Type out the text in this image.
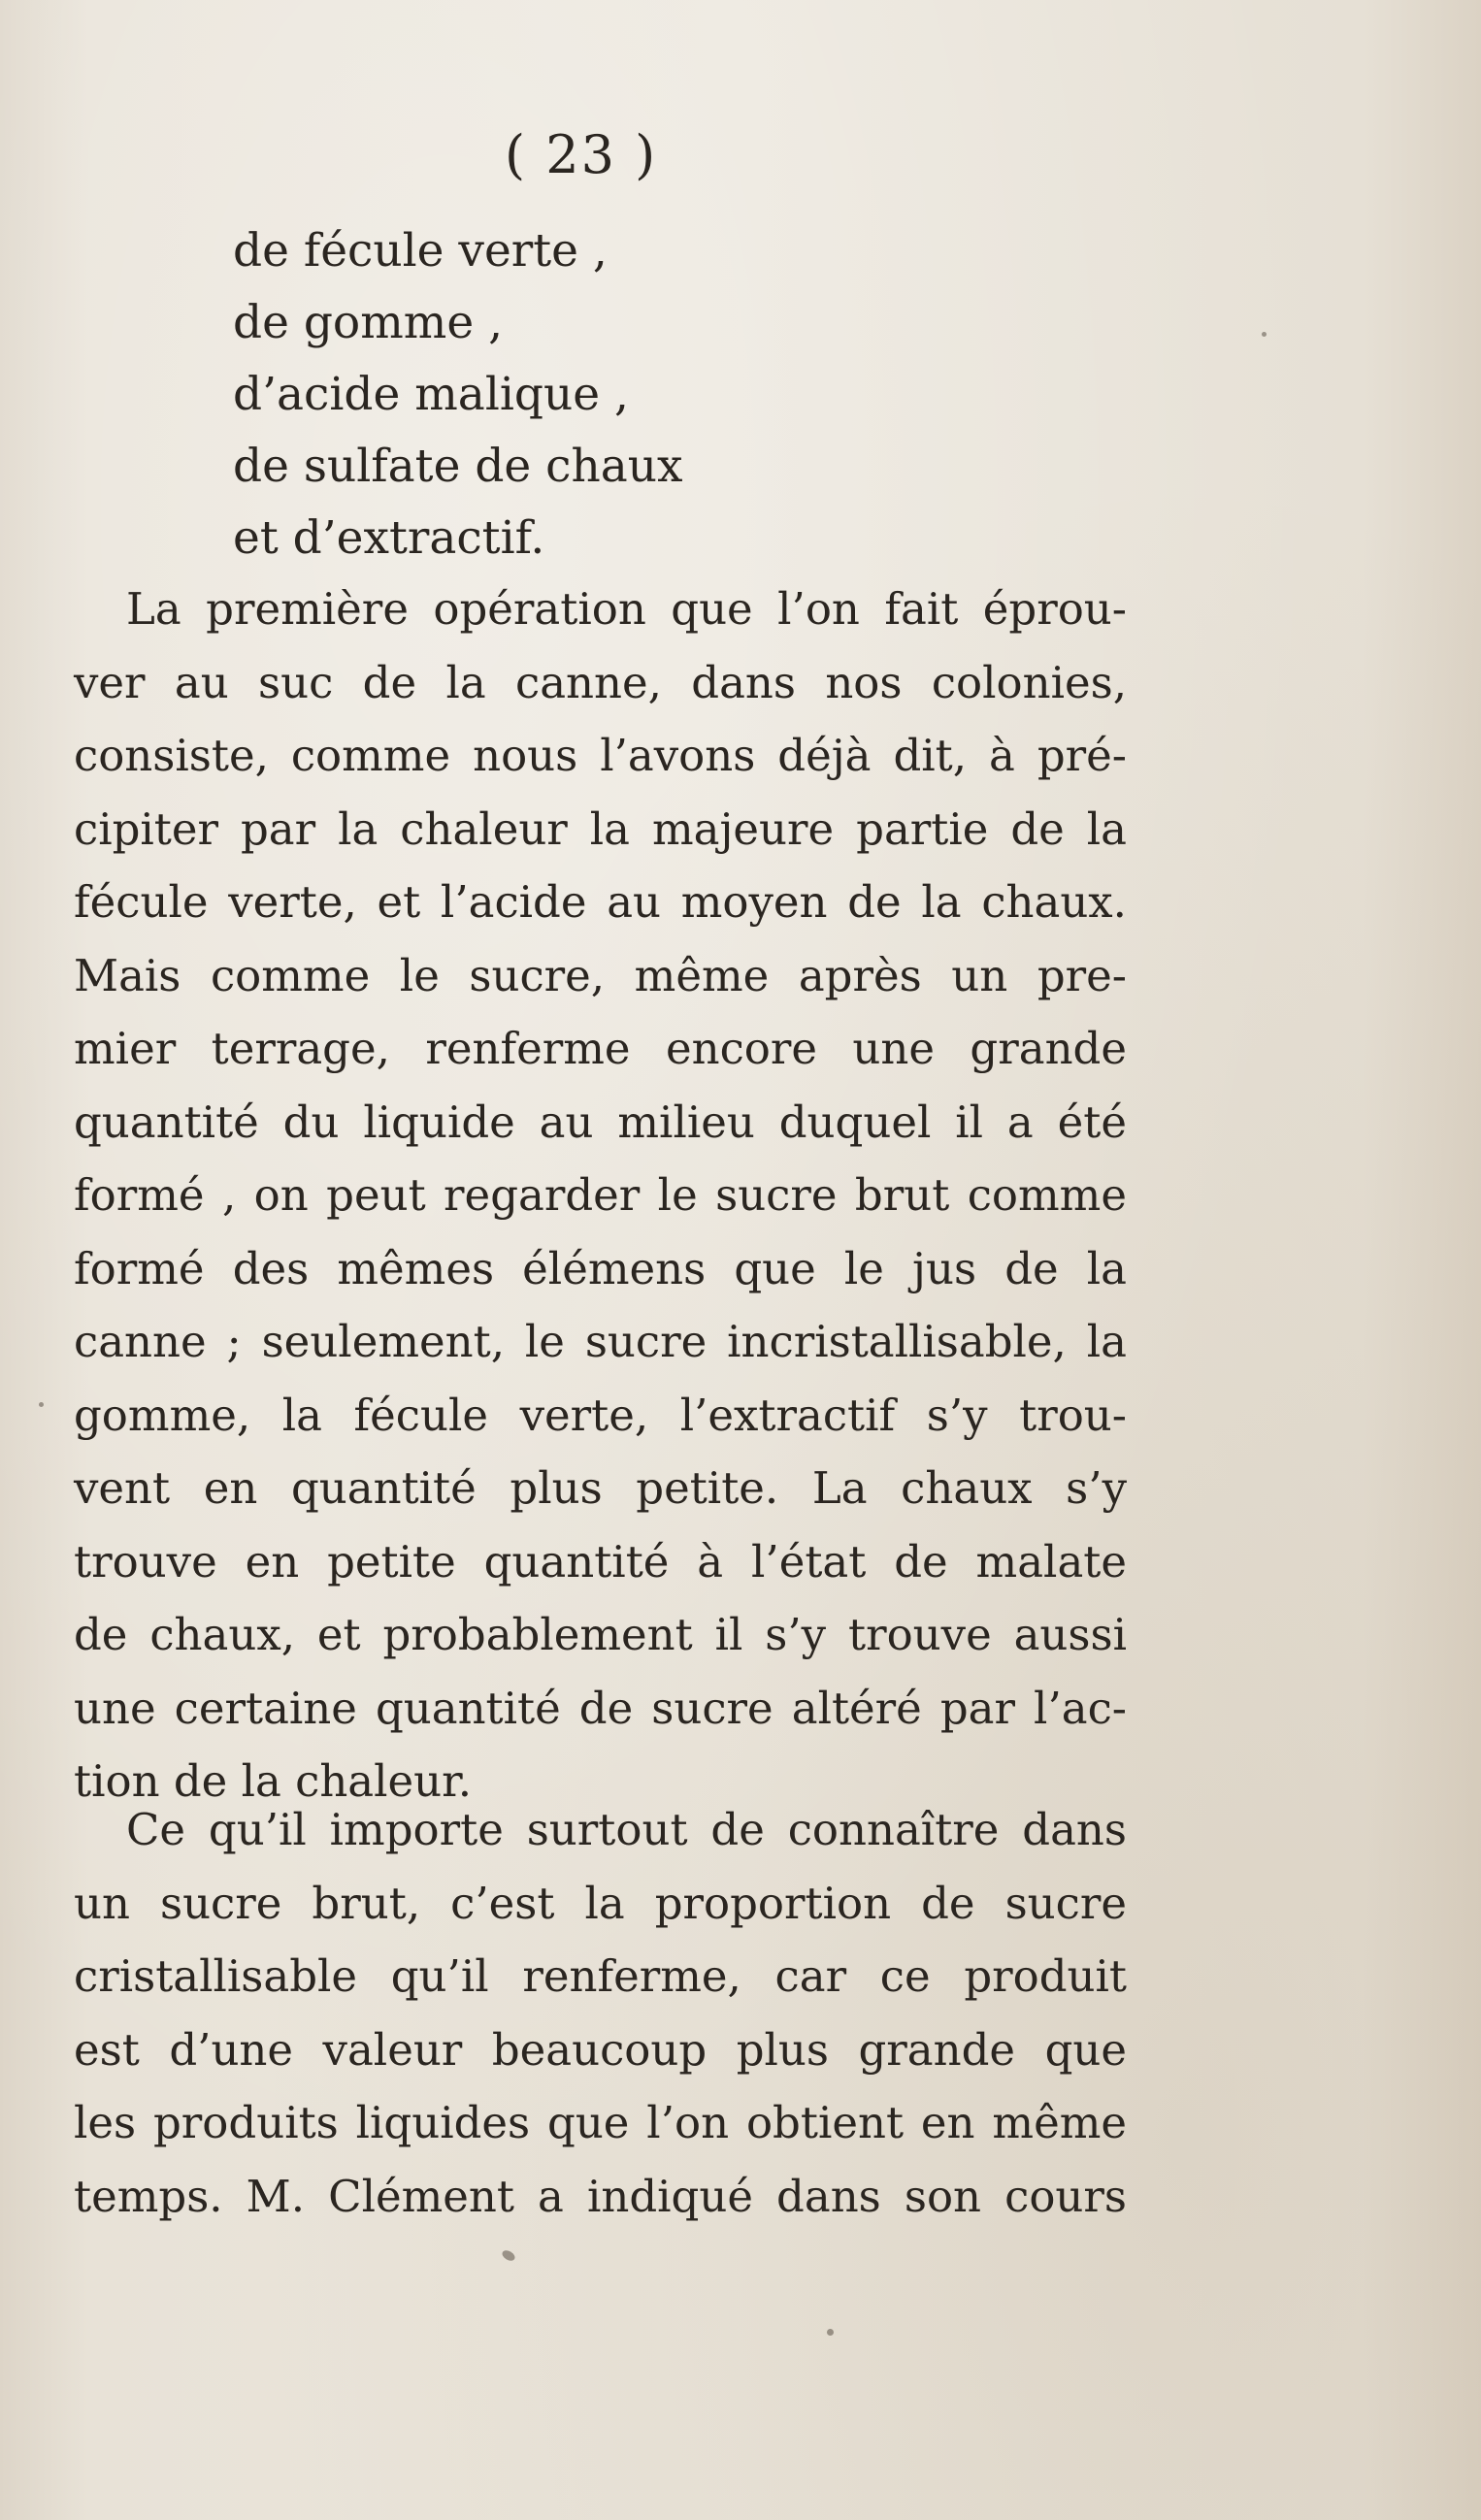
( 23 )
de fécule verte ,
de gomme ,
d’acide malique ,
de sulfate de chaux
et d’extractif.
La première opération que l’on fait éprou-
ver au suc de la canne, dans nos colonies,
consiste, comme nous l’avons déjà dit, à pré-
cipiter par la chaleur la majeure partie de la
fécule verte, et l’acide au moyen de la chaux.
Mais comme le sucre, même après un pre-
mier terrage, renferme encore une grande
quantité du liquide au milieu duquel il a été
formé , on peut regarder le sucre brut comme
formé des mêmes élémens que le jus de la
canne ; seulement, le sucre incristallisable, la
gomme, la fécule verte, l’extractif s’y trou-
vent en quantité plus petite. La chaux s’y
trouve en petite quantité à l’état de malate
de chaux, et probablement il s’y trouve aussi
une certaine quantité de sucre altéré par l’ac-
tion de la chaleur.
Ce qu’il importe surtout de connaître dans
un sucre brut, c’est la proportion de sucre
cristallisable qu’il renferme, car ce produit
est d’une valeur beaucoup plus grande que
les produits liquides que l’on obtient en même
temps. M. Clément a indiqué dans son cours
